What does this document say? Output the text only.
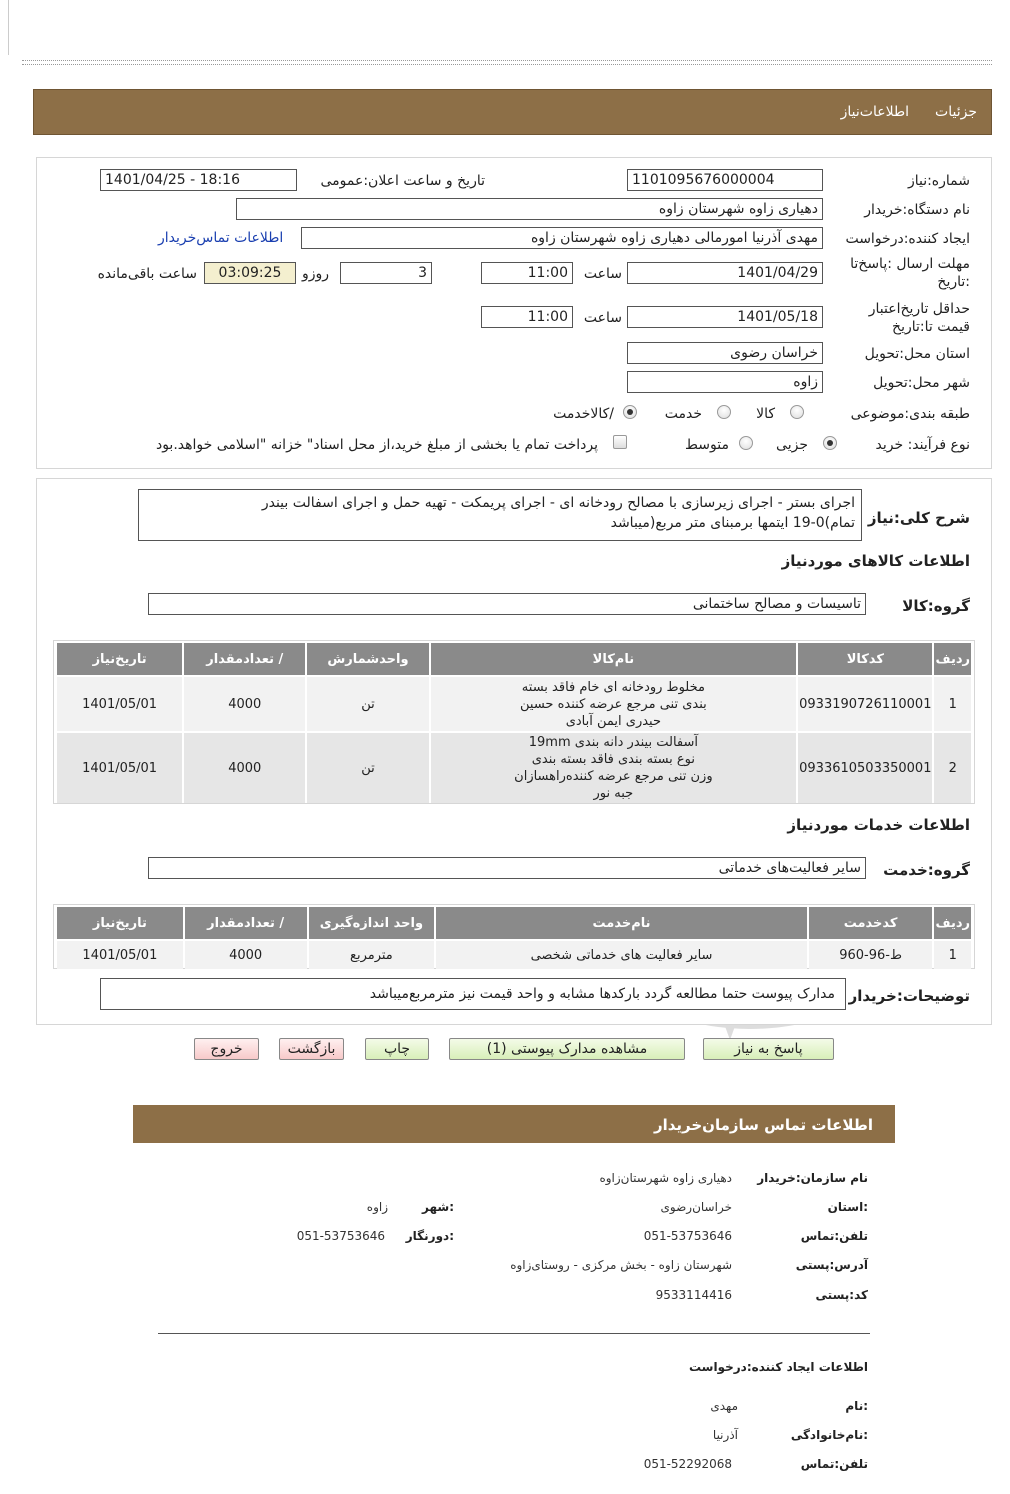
جزئیات
اطلاعات‌نیاز
شماره:نیاز
1101095676000004
تاریخ و ساعت اعلان:عمومی
1401/04/25 - 18:16
نام دستگاه:خریدار
دهیاری زاوه شهرستان زاوه
ایجاد کننده:درخواست
مهدی آذرنیا امورمالی دهیاری زاوه شهرستان زاوه
اطلاعات تماس‌خریدار
مهلت ارسال :پاسخ‌تا
:تاریخ
1401/04/29
ساعت
11:00
3
روزو
03:09:25
ساعت باقی‌مانده
حداقل تاریخ‌اعتبار
قیمت تا:تاریخ
1401/05/18
ساعت
11:00
استان محل:تحویل
خراسان رضوی
شهر محل:تحویل
زاوه
طبقه بندی:موضوعی
کالا
خدمت
/کالاخدمت
نوع فرآیند: خرید
جزیی
متوسط
پرداخت تمام یا بخشی از مبلغ خرید،از محل اسناد" خزانه "اسلامی خواهد.بود
شرح کلی:نیاز
اجرای بستر - اجرای زیرسازی با مصالح رودخانه ای - اجرای پریمکت - تهیه حمل و اجرای اسفالت بیندر
تمام)0-19 ایتمها برمبنای متر مربع(میباشد
اطلاعات کالاهای موردنیاز
گروه:کالا
تاسیسات و مصالح ساختمانی
ردیف	کدکالا	نام‌کالا	واحدشمارش	/ تعدادمقدار	تاریخ‌نیاز
1	0933190726110001	مخلوط رودخانه ای خام فاقد بسته
بندی تنی مرجع عرضه کننده حسین
حیدری ایمن آبادی	تن	4000	1401/05/01
2	0933610503350001	آسفالت بیندر دانه بندی 19mm
نوع بسته بندی فاقد بسته بندی
وزن تنی مرجع عرضه کننده‌راهسازان
جبه نور	تن	4000	1401/05/01
اطلاعات خدمات موردنیاز
گروه:خدمت
سایر فعالیت‌های خدماتی
ردیف	کدخدمت	نام‌خدمت	واحد اندازه‌گیری	/ تعدادمقدار	تاریخ‌نیاز
1	ط-96-960	سایر فعالیت های خدماتی شخصی	مترمربع	4000	1401/05/01
توضیحات:خریدار
مدارک پیوست حتما مطالعه گردد بارکدها مشابه و واحد قیمت نیز مترمربع‌میباشد
پاسخ به نیاز
مشاهده مدارک پیوستی (1)
چاپ
بازگشت
خروج
اطلاعات تماس سازمان‌خریدار
نام سازمان:خریدار
دهیاری زاوه شهرستان‌زاوه
:استان
خراسان‌رضوی
:شهر
زاوه
تلفن:تماس
051-53753646
:دورنگار
051-53753646
آدرس:پستی
شهرستان زاوه - بخش مرکزی - روستای‌زاوه
کد:پستی
9533114416
اطلاعات ایجاد کننده:درخواست
:نام
مهدی
:نام‌خانوادگی
آذرنیا
تلفن:تماس
051-52292068
